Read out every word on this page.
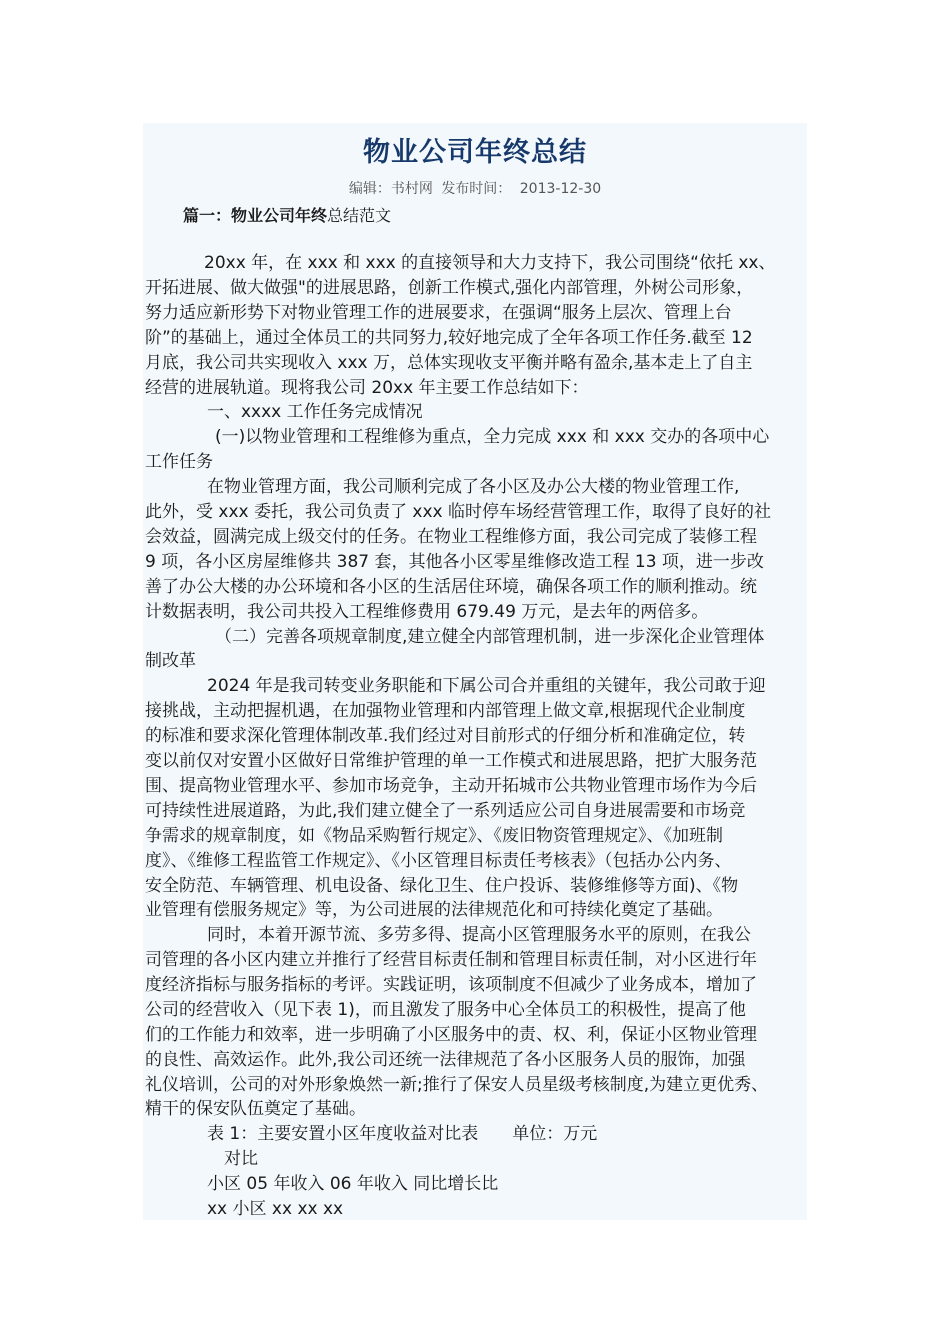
物业公司年终总结
编辑：书村网 发布时间： 2013-12-30
篇一：物业公司年终总结范文
20xx 年，在 xxx 和 xxx 的直接领导和大力支持下，我公司围绕“依托 xx、
开拓进展、做大做强"的进展思路，创新工作模式,强化内部管理，外树公司形象，
努力适应新形势下对物业管理工作的进展要求，在强调“服务上层次、管理上台
阶”的基础上，通过全体员工的共同努力,较好地完成了全年各项工作任务.截至 12
月底，我公司共实现收入 xxx 万，总体实现收支平衡并略有盈余,基本走上了自主
经营的进展轨道。现将我公司 20xx 年主要工作总结如下：
一、xxxx 工作任务完成情况
(一)以物业管理和工程维修为重点，全力完成 xxx 和 xxx 交办的各项中心
工作任务
在物业管理方面，我公司顺利完成了各小区及办公大楼的物业管理工作,
此外，受 xxx 委托，我公司负责了 xxx 临时停车场经营管理工作，取得了良好的社
会效益，圆满完成上级交付的任务。在物业工程维修方面，我公司完成了装修工程
9 项，各小区房屋维修共 387 套，其他各小区零星维修改造工程 13 项，进一步改
善了办公大楼的办公环境和各小区的生活居住环境，确保各项工作的顺利推动。统
计数据表明，我公司共投入工程维修费用 679.49 万元，是去年的两倍多。
（二）完善各项规章制度,建立健全内部管理机制，进一步深化企业管理体
制改革
2024 年是我司转变业务职能和下属公司合并重组的关键年，我公司敢于迎
接挑战，主动把握机遇，在加强物业管理和内部管理上做文章,根据现代企业制度
的标准和要求深化管理体制改革.我们经过对目前形式的仔细分析和准确定位，转
变以前仅对安置小区做好日常维护管理的单一工作模式和进展思路，把扩大服务范
围、提高物业管理水平、参加市场竞争，主动开拓城市公共物业管理市场作为今后
可持续性进展道路，为此,我们建立健全了一系列适应公司自身进展需要和市场竞
争需求的规章制度，如《物品采购暂行规定》、《废旧物资管理规定》、《加班制
度》、《维修工程监管工作规定》、《小区管理目标责任考核表》（包括办公内务、
安全防范、车辆管理、机电设备、绿化卫生、住户投诉、装修维修等方面)、《物
业管理有偿服务规定》等，为公司进展的法律规范化和可持续化奠定了基础。
同时，本着开源节流、多劳多得、提高小区管理服务水平的原则，在我公
司管理的各小区内建立并推行了经营目标责任制和管理目标责任制，对小区进行年
度经济指标与服务指标的考评。实践证明，该项制度不但减少了业务成本，增加了
公司的经营收入（见下表 1)，而且激发了服务中心全体员工的积极性，提高了他
们的工作能力和效率，进一步明确了小区服务中的责、权、利，保证小区物业管理
的良性、高效运作。此外,我公司还统一法律规范了各小区服务人员的服饰，加强
礼仪培训，公司的对外形象焕然一新;推行了保安人员星级考核制度,为建立更优秀、
精干的保安队伍奠定了基础。
表 1：主要安置小区年度收益对比表　　单位：万元
对比
小区 05 年收入 06 年收入 同比增长比
xx 小区 xx xx xx
